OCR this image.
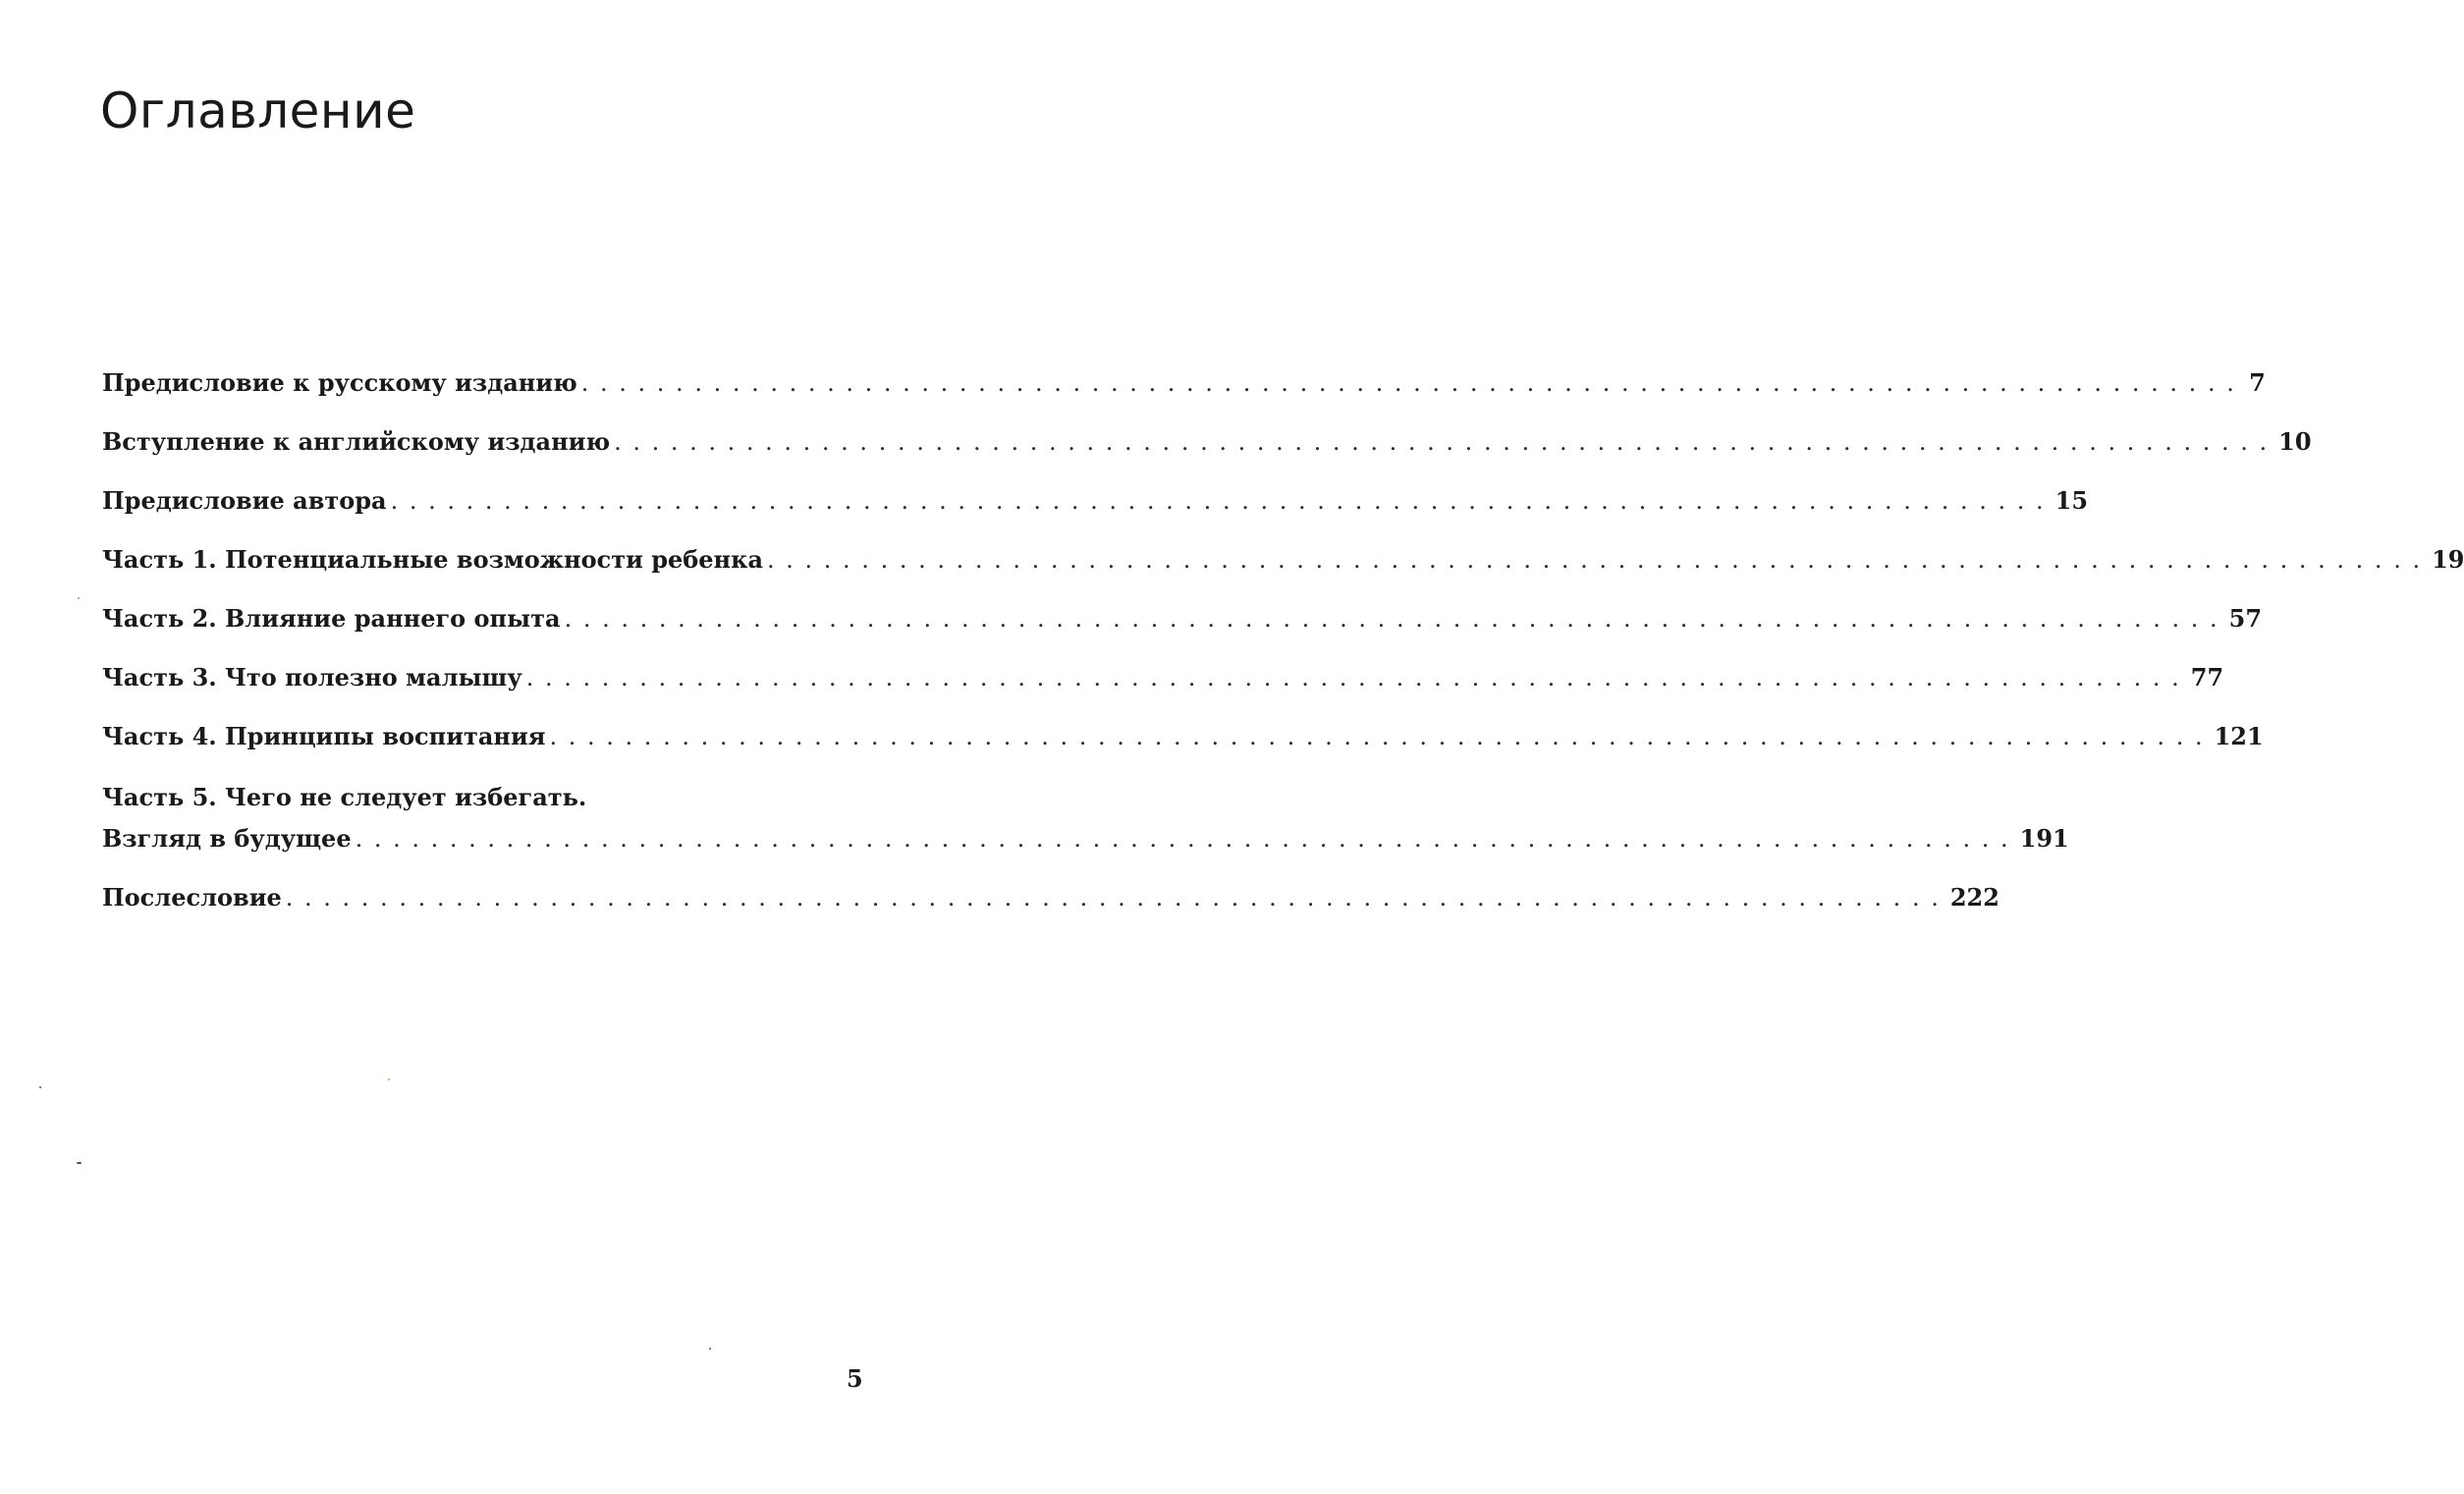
Оглавление
Предисловие к русскому изданию . . . . . . . . . . . . . . . . . . . . . . . . . . . . . . . . . . . . . . . . . . . . . . . . . . . . . . . . . . . . . . . . . . . . . . . . . . . . . . . . . . . . . . . . 7
Вступление к английскому изданию . . . . . . . . . . . . . . . . . . . . . . . . . . . . . . . . . . . . . . . . . . . . . . . . . . . . . . . . . . . . . . . . . . . . . . . . . . . . . . . . . . . . . . . . 10
Предисловие автора . . . . . . . . . . . . . . . . . . . . . . . . . . . . . . . . . . . . . . . . . . . . . . . . . . . . . . . . . . . . . . . . . . . . . . . . . . . . . . . . . . . . . . . . 15
Часть 1. Потенциальные возможности ребенка . . . . . . . . . . . . . . . . . . . . . . . . . . . . . . . . . . . . . . . . . . . . . . . . . . . . . . . . . . . . . . . . . . . . . . . . . . . . . . . . . . . . . . . . 19
Часть 2. Влияние раннего опыта . . . . . . . . . . . . . . . . . . . . . . . . . . . . . . . . . . . . . . . . . . . . . . . . . . . . . . . . . . . . . . . . . . . . . . . . . . . . . . . . . . . . . . . . 57
Часть 3. Что полезно малышу . . . . . . . . . . . . . . . . . . . . . . . . . . . . . . . . . . . . . . . . . . . . . . . . . . . . . . . . . . . . . . . . . . . . . . . . . . . . . . . . . . . . . . . . 77
Часть 4. Принципы воспитания . . . . . . . . . . . . . . . . . . . . . . . . . . . . . . . . . . . . . . . . . . . . . . . . . . . . . . . . . . . . . . . . . . . . . . . . . . . . . . . . . . . . . . . . 121
Часть 5. Чего не следует избегать.
Взгляд в будущее . . . . . . . . . . . . . . . . . . . . . . . . . . . . . . . . . . . . . . . . . . . . . . . . . . . . . . . . . . . . . . . . . . . . . . . . . . . . . . . . . . . . . . . . 191
Послесловие . . . . . . . . . . . . . . . . . . . . . . . . . . . . . . . . . . . . . . . . . . . . . . . . . . . . . . . . . . . . . . . . . . . . . . . . . . . . . . . . . . . . . . . . 222
5
